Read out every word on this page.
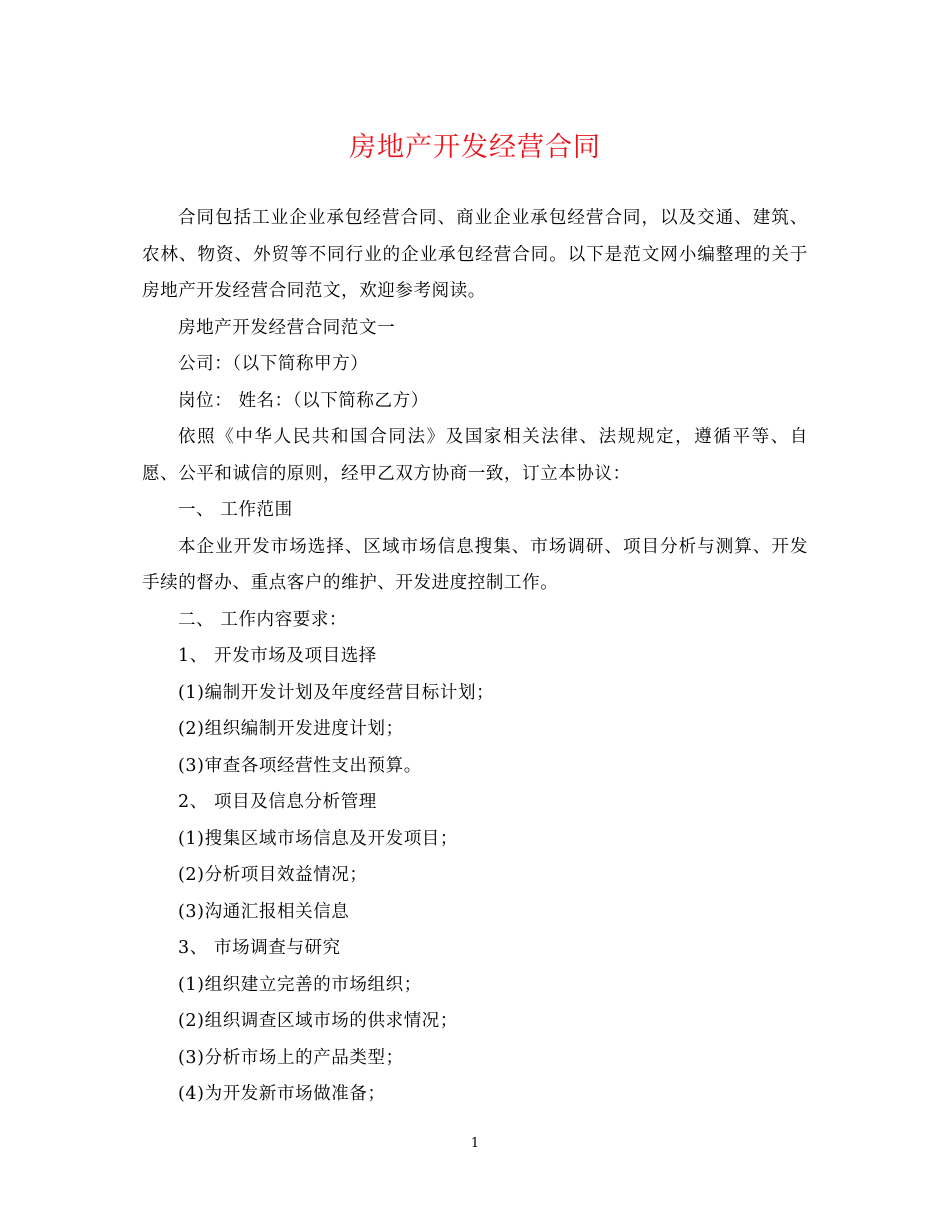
房地产开发经营合同

合同包括工业企业承包经营合同、商业企业承包经营合同，以及交通、建筑、农林、物资、外贸等不同行业的企业承包经营合同。以下是范文网小编整理的关于房地产开发经营合同范文，欢迎参考阅读。

房地产开发经营合同范文一

公司：（以下简称甲方）

岗位： 姓名：（以下简称乙方）

依照《中华人民共和国合同法》及国家相关法律、法规规定，遵循平等、自愿、公平和诚信的原则，经甲乙双方协商一致，订立本协议：

一、 工作范围

本企业开发市场选择、区域市场信息搜集、市场调研、项目分析与测算、开发手续的督办、重点客户的维护、开发进度控制工作。

二、 工作内容要求：

1、 开发市场及项目选择

(1)编制开发计划及年度经营目标计划；

(2)组织编制开发进度计划；

(3)审查各项经营性支出预算。

2、 项目及信息分析管理

(1)搜集区域市场信息及开发项目；

(2)分析项目效益情况；

(3)沟通汇报相关信息

3、 市场调查与研究

(1)组织建立完善的市场组织；

(2)组织调查区域市场的供求情况；

(3)分析市场上的产品类型；

(4)为开发新市场做准备；

1
